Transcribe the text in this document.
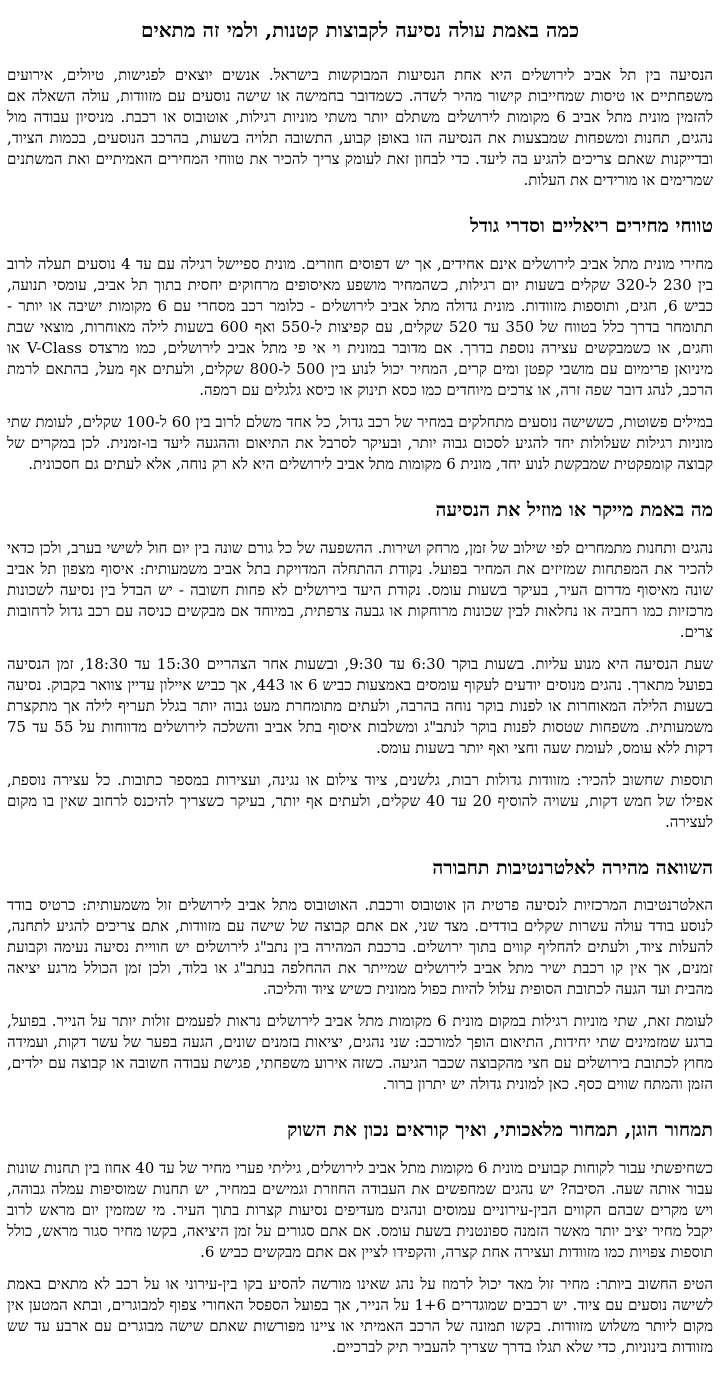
כמה באמת עולה נסיעה לקבוצות קטנות, ולמי זה מתאים

הנסיעה בין תל אביב לירושלים היא אחת הנסיעות המבוקשות בישראל. אנשים יוצאים לפגישות, טיולים, אירועים משפחתיים או טיסות שמחייבות קישור מהיר לשדה. כשמדובר בחמישה או שישה נוסעים עם מזוודות, עולה השאלה אם להזמין מונית מתל אביב 6 מקומות לירושלים משתלם יותר משתי מוניות רגילות, אוטובוס או רכבת. מניסיון עבודה מול נהגים, תחנות ומשפחות שמבצעות את הנסיעה הזו באופן קבוע, התשובה תלויה בשעות, בהרכב הנוסעים, בכמות הציוד, ובדייקנות שאתם צריכים להגיע בה ליעד. כדי לבחון זאת לעומק צריך להכיר את טווחי המחירים האמיתיים ואת המשתנים שמרימים או מורידים את העלות.

טווחי מחירים ריאליים וסדרי גודל

מחירי מונית מתל אביב לירושלים אינם אחידים, אך יש דפוסים חוזרים. מונית ספיישל רגילה עם עד 4 נוסעים תעלה לרוב בין 230 ל-320 שקלים בשעות יום רגילות, כשהמחיר מושפע מאיסופים מרחוקים יחסית בתוך תל אביב, עומסי תנועה, כביש 6, חגים, ותוספות מזוודות. מונית גדולה מתל אביב לירושלים - כלומר רכב מסחרי עם 6 מקומות ישיבה או יותר - תתומחר בדרך כלל בטווח של 350 עד 520 שקלים, עם קפיצות ל-550 ואף 600 בשעות לילה מאוחרות, מוצאי שבת וחגים, או כשמבקשים עצירה נוספת בדרך. אם מדובר במונית וי אי פי מתל אביב לירושלים, כמו מרצדס V-Class או מיניואן פרימיום עם מושבי קפטן ומים קרים, המחיר יכול לנוע בין 500 ל-800 שקלים, ולעתים אף מעל, בהתאם לרמת הרכב, לנהג דובר שפה זרה, או צרכים מיוחדים כמו כסא תינוק או כיסא גלגלים עם רמפה.

במילים פשוטות, כששישה נוסעים מתחלקים במחיר של רכב גדול, כל אחד משלם לרוב בין 60 ל-100 שקלים, לעומת שתי מוניות רגילות שעלולות יחד להגיע לסכום גבוה יותר, ובעיקר לסרבל את התיאום וההגעה ליעד בו-זמנית. לכן במקרים של קבוצה קומפקטית שמבקשת לנוע יחד, מונית 6 מקומות מתל אביב לירושלים היא לא רק נוחה, אלא לעתים גם חסכונית.

מה באמת מייקר או מוזיל את הנסיעה

נהגים ותחנות מתמחרים לפי שילוב של זמן, מרחק ושירות. ההשפעה של כל גורם שונה בין יום חול לשישי בערב, ולכן כדאי להכיר את המפתחות שמזיזים את המחיר בפועל. נקודת ההתחלה המדויקת בתל אביב משמעותית: איסוף מצפון תל אביב שונה מאיסוף מדרום העיר, בעיקר בשעות עומס. נקודת היעד בירושלים לא פחות חשובה - יש הבדל בין נסיעה לשכונות מרכזיות כמו רחביה או נחלאות לבין שכונות מרוחקות או גבעה צרפתית, במיוחד אם מבקשים כניסה עם רכב גדול לרחובות צרים.

שעת הנסיעה היא מנוע עליות. בשעות בוקר 6:30 עד 9:30, ובשעות אחר הצהריים 15:30 עד 18:30, זמן הנסיעה בפועל מתארך. נהגים מנוסים יודעים לעקוף עומסים באמצעות כביש 6 או 443, אך כביש איילון עדיין צוואר בקבוק. נסיעה בשעות הלילה המאוחרות או לפנות בוקר נוחה בהרבה, ולעתים מתומחרת מעט גבוה יותר בגלל תעריף לילה אך מתקצרת משמעותית. משפחות שטסות לפנות בוקר לנתב"ג ומשלבות איסוף בתל אביב והשלכה לירושלים מדווחות על 55 עד 75 דקות ללא עומס, לעומת שעה וחצי ואף יותר בשעות עומס.

תוספות שחשוב להכיר: מזוודות גדולות רבות, גלשנים, ציוד צילום או נגינה, ועצירות במספר כתובות. כל עצירה נוספת, אפילו של חמש דקות, עשויה להוסיף 20 עד 40 שקלים, ולעתים אף יותר, בעיקר כשצריך להיכנס לרחוב שאין בו מקום לעצירה.

השוואה מהירה לאלטרנטיבות תחבורה

האלטרנטיבות המרכזיות לנסיעה פרטית הן אוטובוס ורכבת. האוטובוס מתל אביב לירושלים זול משמעותית: כרטיס בודד לנוסע בודד עולה עשרות שקלים בודדים. מצד שני, אם אתם קבוצה של שישה עם מזוודות, אתם צריכים להגיע לתחנה, להעלות ציוד, ולעתים להחליף קווים בתוך ירושלים. ברכבת המהירה בין נתב"ג לירושלים יש חוויית נסיעה נעימה וקבועת זמנים, אך אין קו רכבת ישיר מתל אביב לירושלים שמייתר את ההחלפה בנתב"ג או בלוד, ולכן זמן הכולל מרגע יציאה מהבית ועד הגעה לכתובת הסופית עלול להיות כפול ממונית כשיש ציוד והליכה.

לעומת זאת, שתי מוניות רגילות במקום מונית 6 מקומות מתל אביב לירושלים נראות לפעמים זולות יותר על הנייר. בפועל, ברגע שמזמינים שתי יחידות, התיאום הופך למורכב: שני נהגים, יציאות בזמנים שונים, הגעה בפער של עשר דקות, ועמידה מחוץ לכתובת בירושלים עם חצי מהקבוצה שכבר הגיעה. כשזה אירוע משפחתי, פגישת עבודה חשובה או קבוצה עם ילדים, הזמן והמתח שווים כסף. כאן למונית גדולה יש יתרון ברור.

תמחור הוגן, תמחור מלאכותי, ואיך קוראים נכון את השוק

כשחיפשתי עבור לקוחות קבועים מונית 6 מקומות מתל אביב לירושלים, גיליתי פערי מחיר של עד 40 אחוז בין תחנות שונות עבור אותה שעה. הסיבה? יש נהגים שמחפשים את העבודה החוזרת וגמישים במחיר, יש תחנות שמוסיפות עמלה גבוהה, ויש מקרים שבהם הקווים הבין-עירוניים עמוסים ונהגים מעדיפים נסיעות קצרות בתוך העיר. מי שמזמין יום מראש לרוב יקבל מחיר יציב יותר מאשר הזמנה ספונטנית בשעת עומס. אם אתם סגורים על זמן היציאה, בקשו מחיר סגור מראש, כולל תוספות צפויות כמו מזוודות ועצירה אחת קצרה, והקפידו לציין אם אתם מבקשים כביש 6.

הטיפ החשוב ביותר: מחיר זול מאד יכול לרמוז על נהג שאינו מורשה להסיע בקו בין-עירוני או על רכב לא מתאים באמת לשישה נוסעים עם ציוד. יש רכבים שמוגדרים 1+6 על הנייר, אך בפועל הספסל האחורי צפוף למבוגרים, ובתא המטען אין מקום ליותר משלוש מזוודות. בקשו תמונה של הרכב האמיתי או ציינו מפורשות שאתם שישה מבוגרים עם ארבע עד שש מזוודות בינוניות, כדי שלא תגלו בדרך שצריך להעביר תיק לברכיים.
